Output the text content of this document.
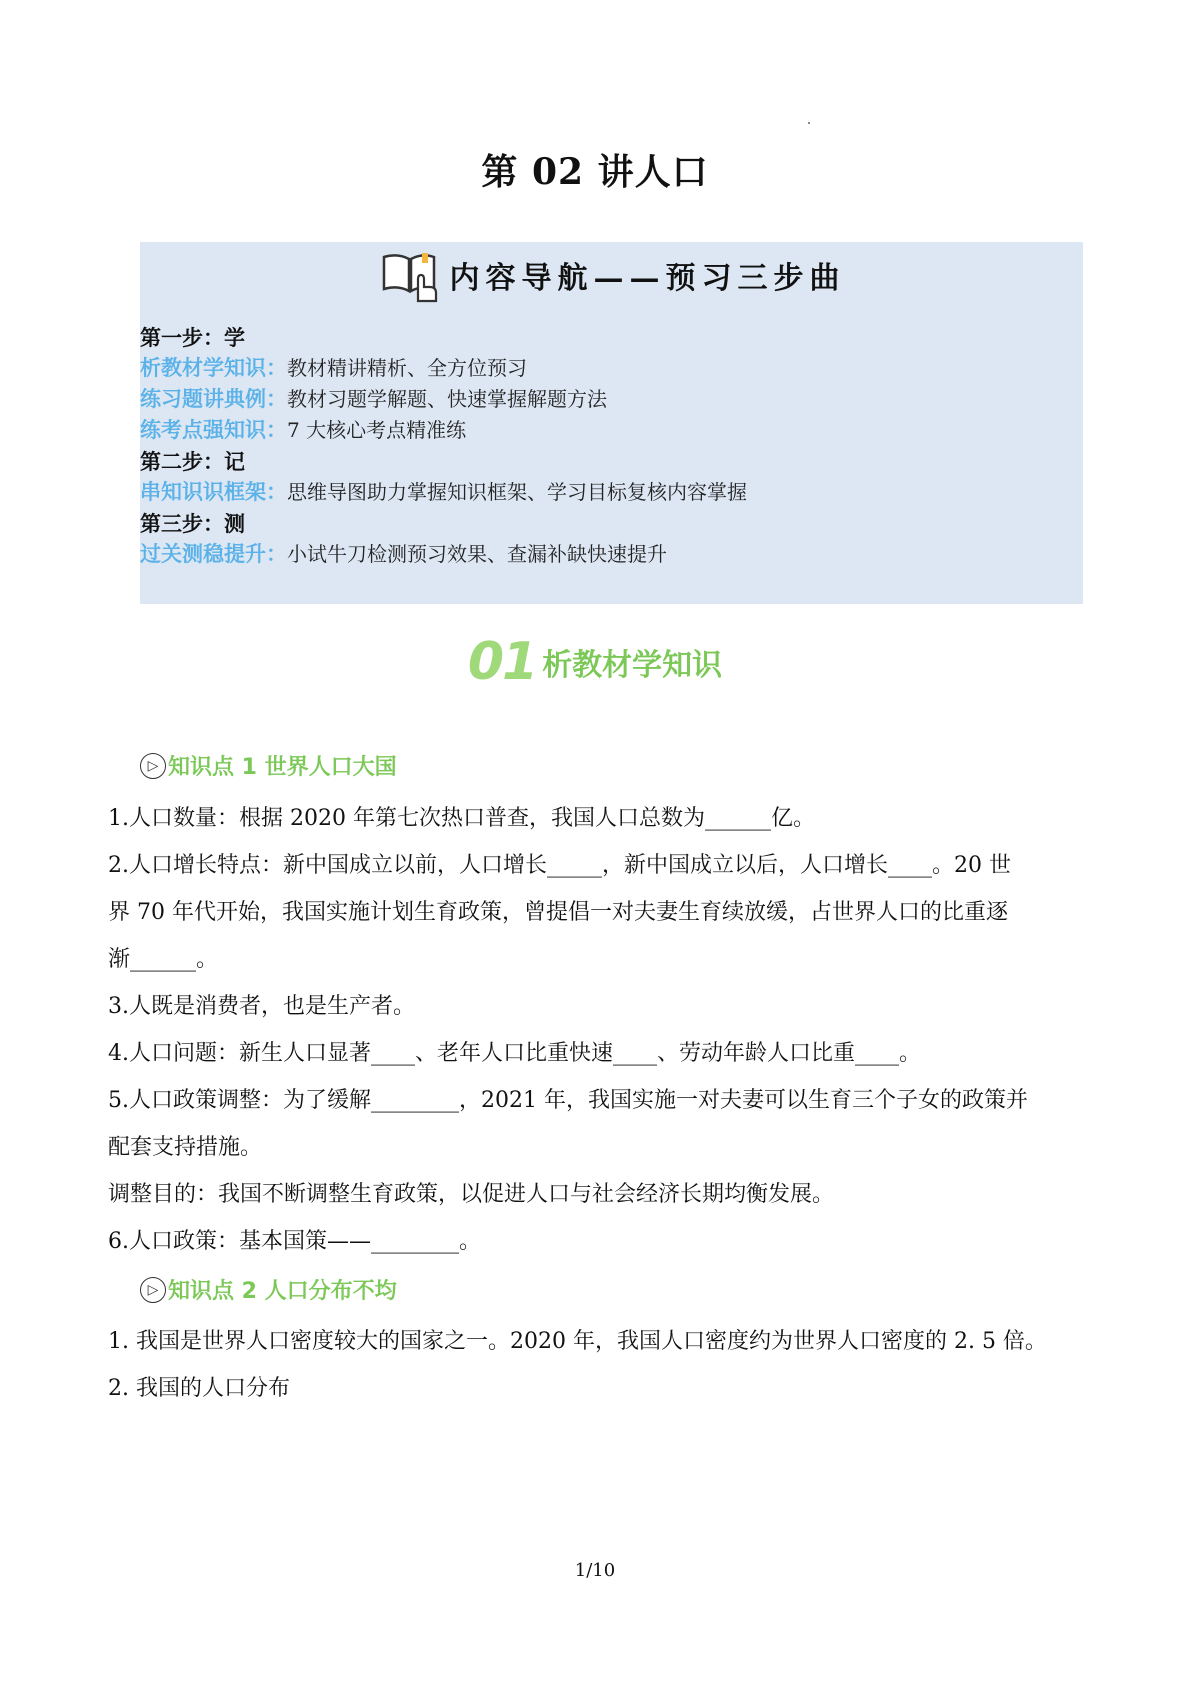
第 02 讲人口
内容导航——预习三步曲
第一步：学
析教材学知识：教材精讲精析、全方位预习
练习题讲典例：教材习题学解题、快速掌握解题方法
练考点强知识：7 大核心考点精准练
第二步：记
串知识识框架：思维导图助力掌握知识框架、学习目标复核内容掌握
第三步：测
过关测稳提升：小试牛刀检测预习效果、查漏补缺快速提升
01 析教材学知识
▷ 知识点 1 世界人口大国
1.人口数量：根据 2020 年第七次热口普查，我国人口总数为______亿。
2.人口增长特点：新中国成立以前，人口增长_____，新中国成立以后，人口增长____。20 世
界 70 年代开始，我国实施计划生育政策，曾提倡一对夫妻生育续放缓，占世界人口的比重逐
渐______。
3.人既是消费者，也是生产者。
4.人口问题：新生人口显著____、老年人口比重快速____、劳动年龄人口比重____。
5.人口政策调整：为了缓解________，2021 年，我国实施一对夫妻可以生育三个子女的政策并
配套支持措施。
调整目的：我国不断调整生育政策，以促进人口与社会经济长期均衡发展。
6.人口政策：基本国策——________。
▷ 知识点 2 人口分布不均
1. 我国是世界人口密度较大的国家之一。2020 年，我国人口密度约为世界人口密度的 2. 5 倍。
2. 我国的人口分布
1/10
